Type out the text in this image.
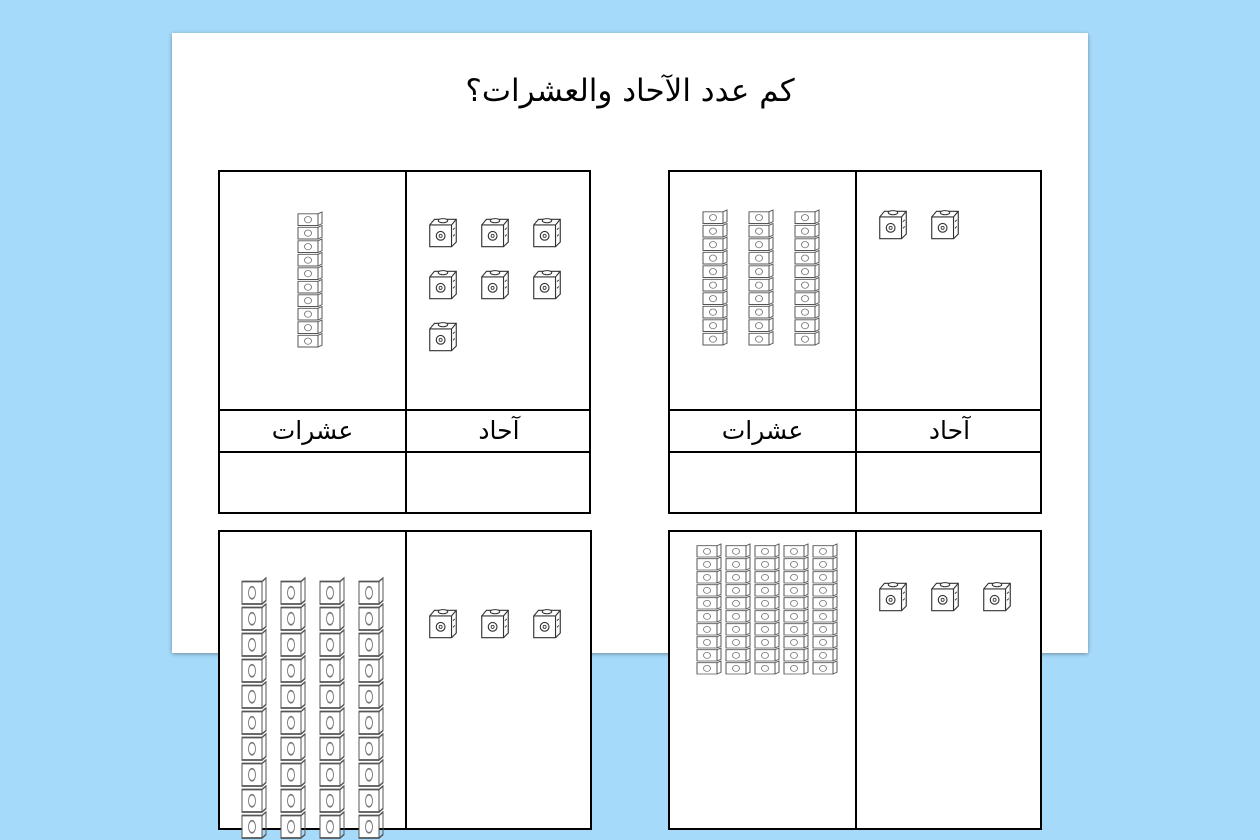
كم عدد الآحاد والعشرات؟
عشرات	آحاد	عشرات	آحاد
